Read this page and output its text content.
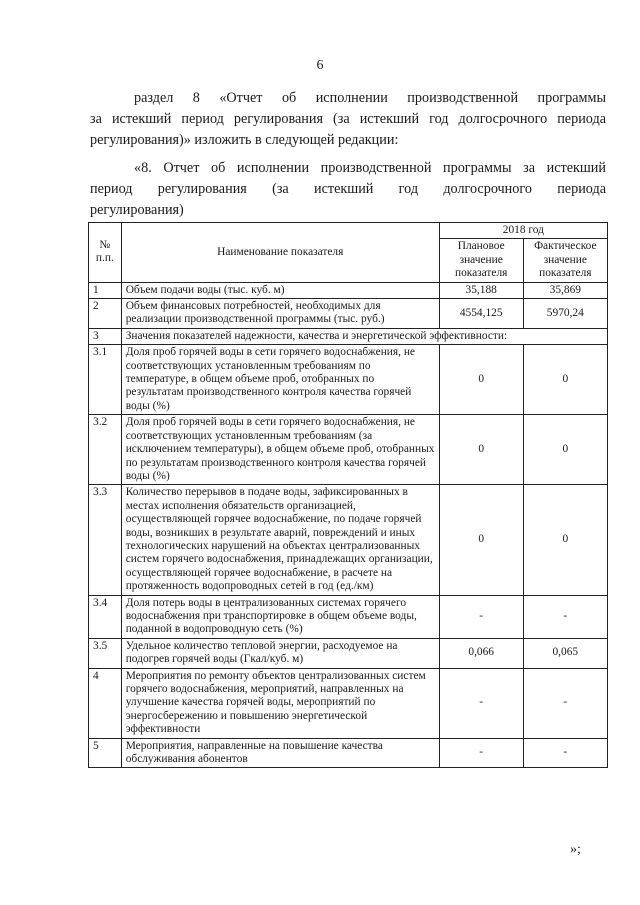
6
раздел 8 «Отчет об исполнении производственной программы
за истекший период регулирования (за истекший год долгосрочного периода
регулирования)» изложить в следующей редакции:
«8. Отчет об исполнении производственной программы за истекший
период регулирования (за истекший год долгосрочного периода
регулирования)
№ п.п.	Наименование показателя	2018 год	
		Плановое значение показателя	Фактическое значение показателя
1	Объем подачи воды (тыс. куб. м)	35,188	35,869
2	Объем финансовых потребностей, необходимых для реализации производственной программы (тыс. руб.)	4554,125	5970,24
3	Значения показателей надежности, качества и энергетической эффективности:		
3.1	Доля проб горячей воды в сети горячего водоснабжения, не соответствующих установленным требованиям по температуре, в общем объеме проб, отобранных по результатам производственного контроля качества горячей воды (%)	0	0
3.2	Доля проб горячей воды в сети горячего водоснабжения, не соответствующих установленным требованиям (за исключением температуры), в общем объеме проб, отобранных по результатам производственного контроля качества горячей воды (%)	0	0
3.3	Количество перерывов в подаче воды, зафиксированных в местах исполнения обязательств организацией, осуществляющей горячее водоснабжение, по подаче горячей воды, возникших в результате аварий, повреждений и иных технологических нарушений на объектах централизованных систем горячего водоснабжения, принадлежащих организации, осуществляющей горячее водоснабжение, в расчете на протяженность водопроводных сетей в год (ед./км)	0	0
3.4	Доля потерь воды в централизованных системах горячего водоснабжения при транспортировке в общем объеме воды, поданной в водопроводную сеть (%)	-	-
3.5	Удельное количество тепловой энергии, расходуемое на подогрев горячей воды (Гкал/куб. м)	0,066	0,065
4	Мероприятия по ремонту объектов централизованных систем горячего водоснабжения, мероприятий, направленных на улучшение качества горячей воды, мероприятий по энергосбережению и повышению энергетической эффективности	-	-
5	Мероприятия, направленные на повышение качества обслуживания абонентов	-	-
»;
